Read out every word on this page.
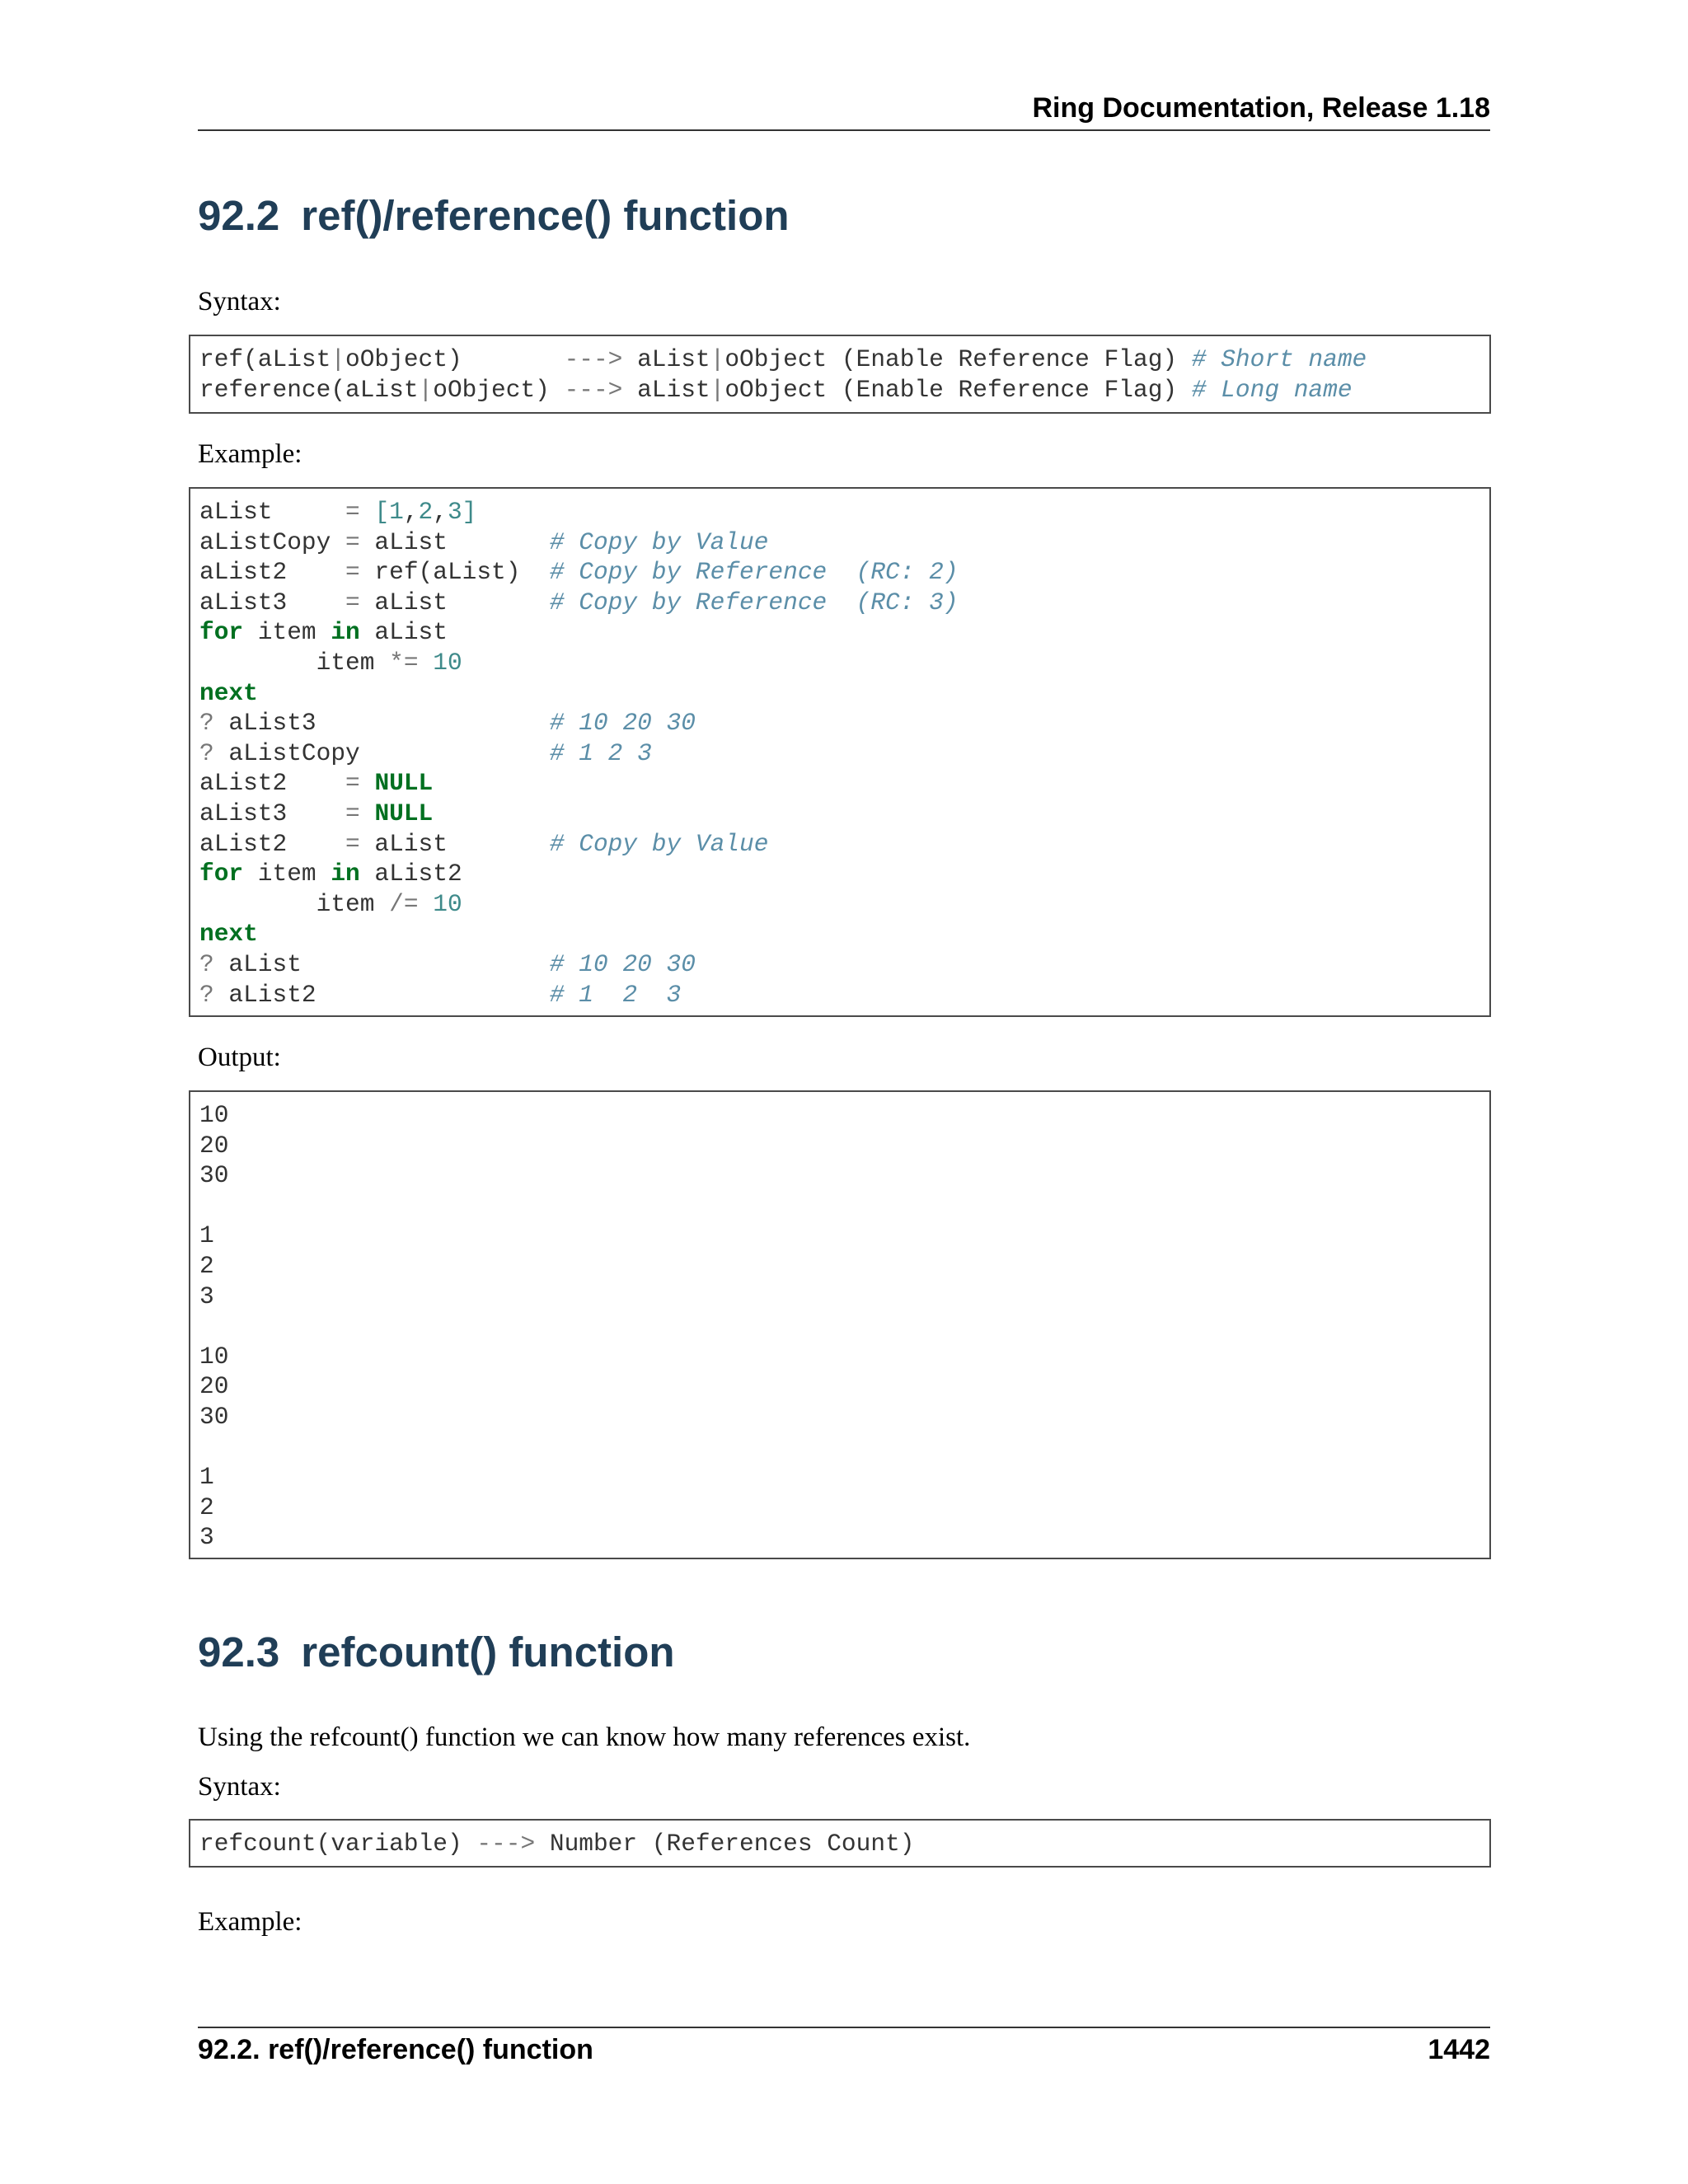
Ring Documentation, Release 1.18
92.2 ref()/reference() function
Syntax:
ref(aList|oObject)       ---> aList|oObject (Enable Reference Flag) # Short name
reference(aList|oObject) ---> aList|oObject (Enable Reference Flag) # Long name
Example:
aList     = [1,2,3]
aListCopy = aList       # Copy by Value
aList2    = ref(aList)  # Copy by Reference  (RC: 2)
aList3    = aList       # Copy by Reference  (RC: 3)
for item in aList
item *= 10
next
? aList3                # 10 20 30
? aListCopy             # 1 2 3
aList2    = NULL
aList3    = NULL
aList2    = aList       # Copy by Value
for item in aList2
item /= 10
next
? aList                 # 10 20 30
? aList2                # 1  2  3
Output:
10
20
30

1
2
3

10
20
30

1
2
3
92.3 refcount() function
Using the refcount() function we can know how many references exist.
Syntax:
refcount(variable) ---> Number (References Count)
Example:
92.2. ref()/reference() function	1442
